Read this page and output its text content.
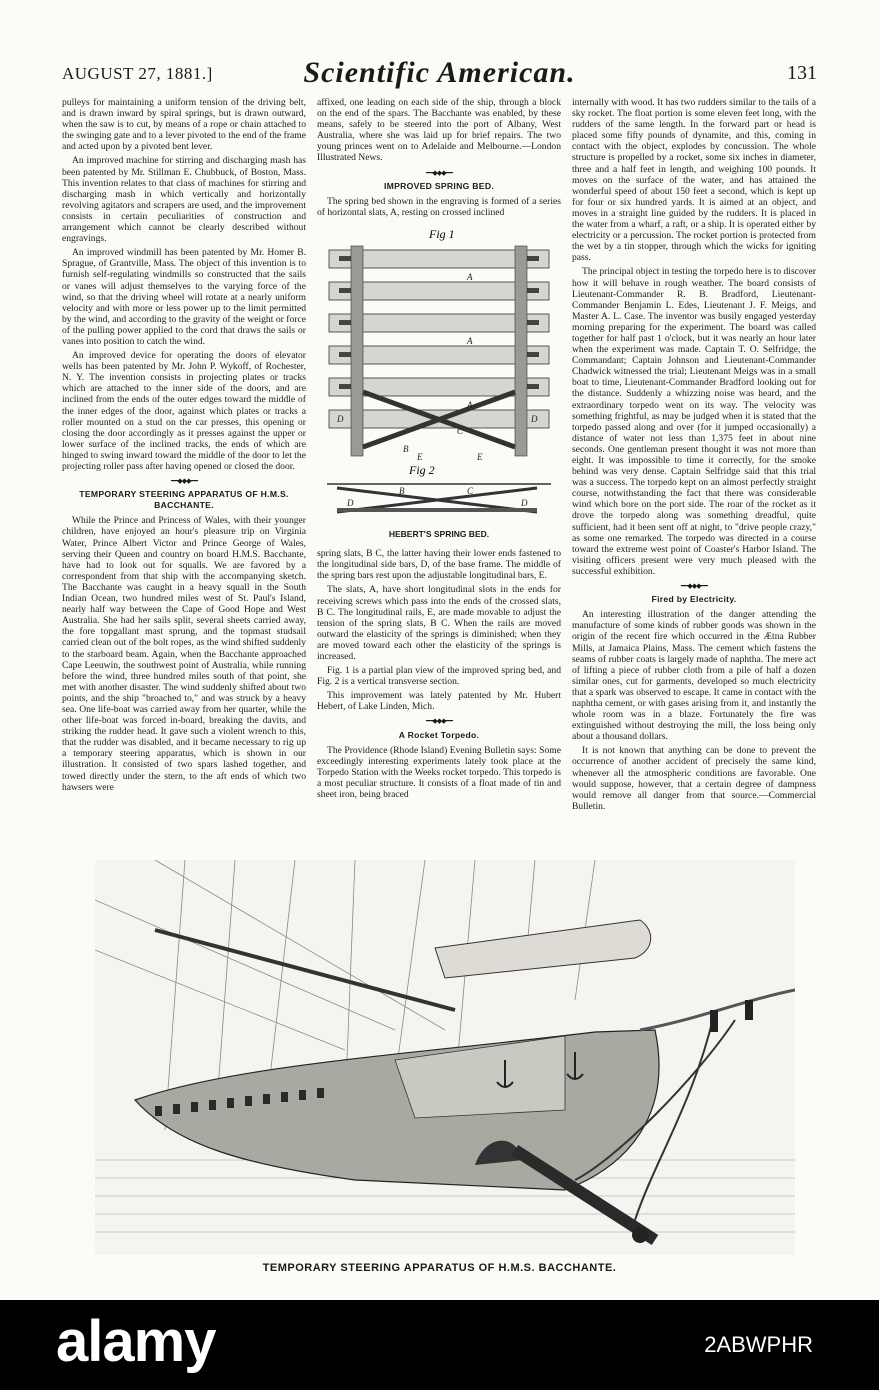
AUGUST 27, 1881.]	Scientific American.	131

pulleys for maintaining a uniform tension of the driving belt, and is drawn inward by spiral springs, but is drawn outward, when the saw is to cut, by means of a rope or chain attached to the swinging gate and to a lever pivoted to the end of the frame and acted upon by a pivoted bent lever.

An improved machine for stirring and discharging mash has been patented by Mr. Stillman E. Chubbuck, of Boston, Mass. This invention relates to that class of machines for stirring and discharging mash in which vertically and horizontally revolving agitators and scrapers are used, and the improvement consists in certain peculiarities of construction and arrangement which cannot be clearly described without engravings.

An improved windmill has been patented by Mr. Homer B. Sprague, of Grantville, Mass. The object of this invention is to furnish self-regulating windmills so constructed that the sails or vanes will adjust themselves to the varying force of the wind, so that the driving wheel will rotate at a nearly uniform velocity and with more or less power up to the limit permitted by the wind, and according to the gravity of the weight or force of the pulling power applied to the cord that draws the sails or vanes into position to catch the wind.

An improved device for operating the doors of elevator wells has been patented by Mr. John P. Wykoff, of Rochester, N. Y. The invention consists in projecting plates or tracks which are attached to the inner side of the doors, and are inclined from the ends of the outer edges toward the middle of the inner edges of the door, against which plates or tracks a roller mounted on a stud on the car presses, this opening or closing the door accordingly as it presses against the upper or lower surface of the inclined tracks, the ends of which are hinged to swing inward toward the middle of the door to let the projecting roller pass after having opened or closed the door.

━━◆◆◆━━
TEMPORARY STEERING APPARATUS OF H.M.S. BACCHANTE.

While the Prince and Princess of Wales, with their younger children, have enjoyed an hour's pleasure trip on Virginia Water, Prince Albert Victor and Prince George of Wales, serving their Queen and country on board H.M.S. Bacchante, have had to look out for squalls. We are favored by a correspondent from that ship with the accompanying sketch. The Bacchante was caught in a heavy squall in the South Indian Ocean, two hundred miles west of St. Paul's Island, nearly half way between the Cape of Good Hope and West Australia. She had her sails split, several sheets carried away, the fore topgallant mast sprung, and the topmast studsail carried clean out of the bolt ropes, as the wind shifted suddenly to the starboard beam. Again, when the Bacchante approached Cape Leeuwin, the southwest point of Australia, while running before the wind, three hundred miles south of that point, she met with another disaster. The wind suddenly shifted about two points, and the ship "broached to," and was struck by a heavy sea. One life-boat was carried away from her quarter, while the other life-boat was forced in-board, breaking the davits, and striking the rudder head. It gave such a violent wrench to this, that the rudder was disabled, and it became necessary to rig up a temporary steering apparatus, which is shown in our illustration. It consisted of two spars lashed together, and towed directly under the stern, to the aft ends of which two hawsers were

affixed, one leading on each side of the ship, through a block on the end of the spars. The Bacchante was enabled, by these means, safely to be steered into the port of Albany, West Australia, where she was laid up for brief repairs. The two young princes went on to Adelaide and Melbourne.—London Illustrated News.

━━◆◆◆━━
IMPROVED SPRING BED.

The spring bed shown in the engraving is formed of a series of horizontal slats, A, resting on crossed inclined

Fig 1
A
A
A
D	D
B
C
E	E
Fig 2
D	D
B	C
HEBERT'S SPRING BED.

spring slats, B C, the latter having their lower ends fastened to the longitudinal side bars, D, of the base frame. The middle of the spring bars rest upon the adjustable longitudinal bars, E.

The slats, A, have short longitudinal slots in the ends for receiving screws which pass into the ends of the crossed slats, B C. The longitudinal rails, E, are made movable to adjust the tension of the spring slats, B C. When the rails are moved outward the elasticity of the springs is diminished; when they are moved toward each other the elasticity of the springs is increased.

Fig. 1 is a partial plan view of the improved spring bed, and Fig. 2 is a vertical transverse section.

This improvement was lately patented by Mr. Hubert Hebert, of Lake Linden, Mich.

━━◆◆◆━━
A Rocket Torpedo.

The Providence (Rhode Island) Evening Bulletin says: Some exceedingly interesting experiments lately took place at the Torpedo Station with the Weeks rocket torpedo. This torpedo is a most peculiar structure. It consists of a float made of tin and sheet iron, being braced

internally with wood. It has two rudders similar to the tails of a sky rocket. The float portion is some eleven feet long, with the rudders of the same length. In the forward part or head is placed some fifty pounds of dynamite, and this, coming in contact with the object, explodes by concussion. The whole structure is propelled by a rocket, some six inches in diameter, three and a half feet in length, and weighing 100 pounds. It moves on the surface of the water, and has attained the wonderful speed of about 150 feet a second, which is kept up for four or six hundred yards. It is aimed at an object, and moves in a straight line guided by the rudders. It is placed in the water from a wharf, a raft, or a ship. It is operated either by electricity or a percussion. The rocket portion is protected from the wet by a tin stopper, through which the wicks for igniting pass.

The principal object in testing the torpedo here is to discover how it will behave in rough weather. The board consists of Lieutenant-Commander R. B. Bradford, Lieutenant-Commander Benjamin L. Edes, Lieutenant J. F. Meigs, and Master A. L. Case. The inventor was busily engaged yesterday morning preparing for the experiment. The board was called together for half past 1 o'clock, but it was nearly an hour later when the experiment was made. Captain T. O. Selfridge, the Commandant; Captain Johnson and Lieutenant-Commander Chadwick witnessed the trial; Lieutenant Meigs was in a small boat to time, Lieutenant-Commander Bradford looking out for the distance. Suddenly a whizzing noise was heard, and the extraordinary torpedo went on its way. The velocity was something frightful, as may be judged when it is stated that the torpedo passed along and over (for it jumped occasionally) a distance of water not less than 1,375 feet in about nine seconds. One gentleman present thought it was not more than eight. It was impossible to time it correctly, for the smoke behind was very dense. Captain Selfridge said that this trial was a success. The torpedo kept on an almost perfectly straight course, notwithstanding the fact that there was considerable wind which bore on the port side. The roar of the rocket as it drove the torpedo along was something dreadful, quite sufficient, had it been sent off at night, to "drive people crazy," as some one remarked. The torpedo was directed in a course toward the extreme west point of Coaster's Harbor Island. The visiting officers present were very much pleased with the successful exhibition.

━━◆◆◆━━
Fired by Electricity.

An interesting illustration of the danger attending the manufacture of some kinds of rubber goods was shown in the origin of the recent fire which occurred in the Ætna Rubber Mills, at Jamaica Plains, Mass. The cement which fastens the seams of rubber coats is largely made of naphtha. The mere act of lifting a piece of rubber cloth from a pile of half a dozen similar ones, cut for garments, developed so much electricity that a spark was observed to escape. It came in contact with the naphtha cement, or with gases arising from it, and instantly the whole room was in a blaze. Fortunately the fire was extinguished without destroying the mill, the loss being only about a thousand dollars.

It is not known that anything can be done to prevent the occurrence of another accident of precisely the same kind, whenever all the atmospheric conditions are favorable. One would suppose, however, that a certain degree of dampness would remove all danger from that source.—Commercial Bulletin.

TEMPORARY STEERING APPARATUS OF H.M.S. BACCHANTE.
alamy	2ABWPHR
